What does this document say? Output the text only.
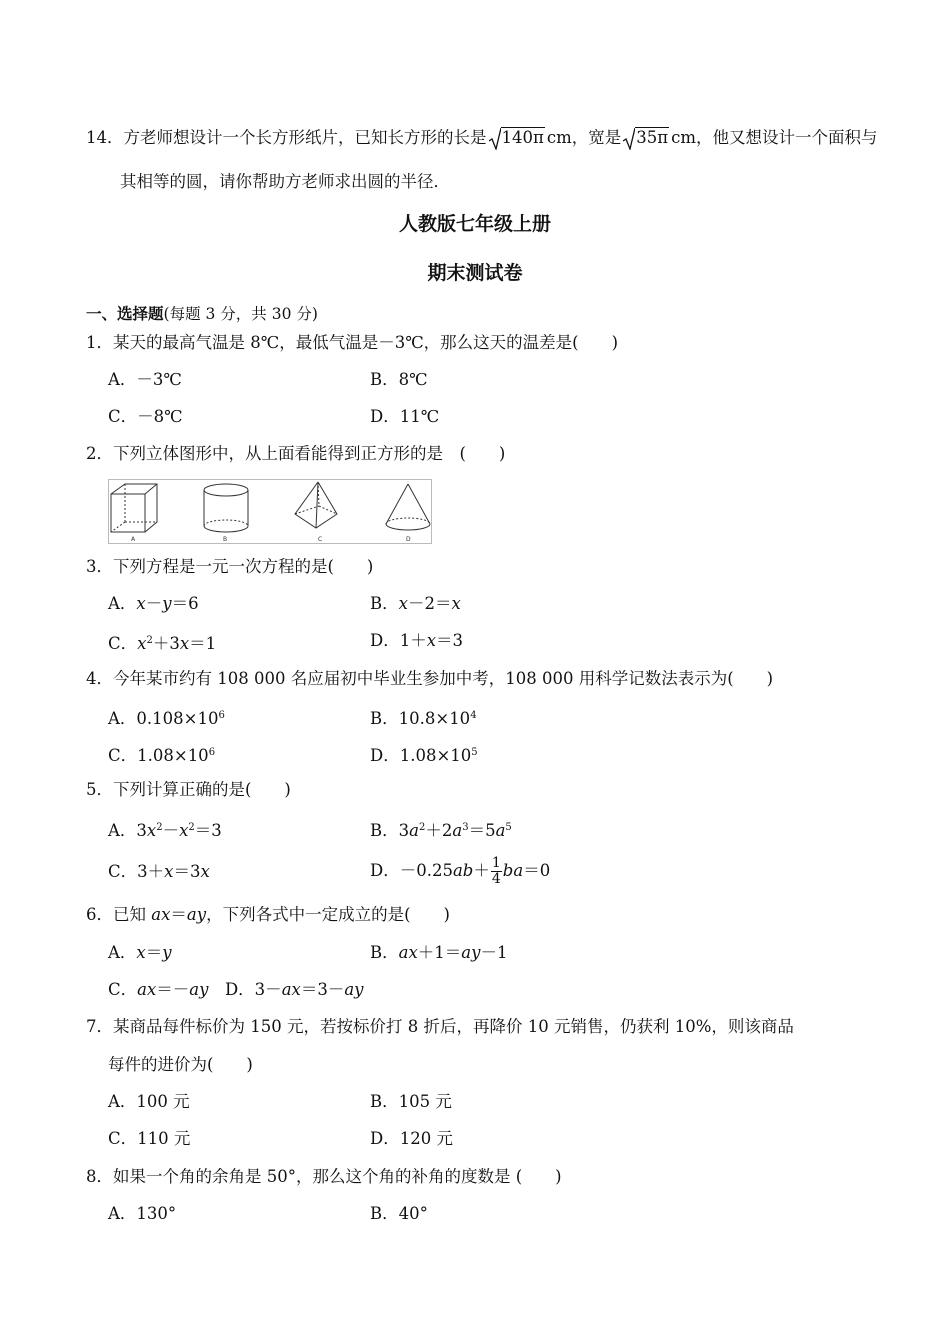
14．方老师想设计一个长方形纸片，已知长方形的长是 140π cm，宽是 35π cm，他又想设计一个面积与
其相等的圆，请你帮助方老师求出圆的半径．
人教版七年级上册
期末测试卷
一、选择题(每题 3 分，共 30 分)
1．某天的最高气温是 8℃，最低气温是－3℃，那么这天的温差是(　　)
A．－3℃	B．8℃
C．－8℃	D．11℃
2．下列立体图形中，从上面看能得到正方形的是　(　　)
A	B	C	D
3．下列方程是一元一次方程的是(　　)
A．x－y＝6	B．x－2＝x
C．$x^2+3x=1$	D．1＋x＝3
4．今年某市约有 108 000 名应届初中毕业生参加中考，108 000 用科学记数法表示为(　　)
A．$0.108\times 10^6$	B．$10.8\times 10^4$
C．$1.08\times 10^6$	D．$1.08\times 10^5$
5．下列计算正确的是(　　)
A．$3x^2-x^2=3$	B．$3a^2+2a^3=5a^5$
C．3＋x＝3x	D．$-0.25ab+ \frac{1}{4} ba=0$
6．已知 ax＝ay，下列各式中一定成立的是(　　)
A．x＝y	B．ax＋1＝ay－1
C．ax＝－ay　 D．3－ax＝3－ay
7．某商品每件标价为 150 元，若按标价打 8 折后，再降价 10 元销售，仍获利 10%，则该商品
每件的进价为(　　)
A．100 元	B．105 元
C．110 元	D．120 元
8．如果一个角的余角是 50°，那么这个角的补角的度数是 (　　)
A．130°	B．40°
